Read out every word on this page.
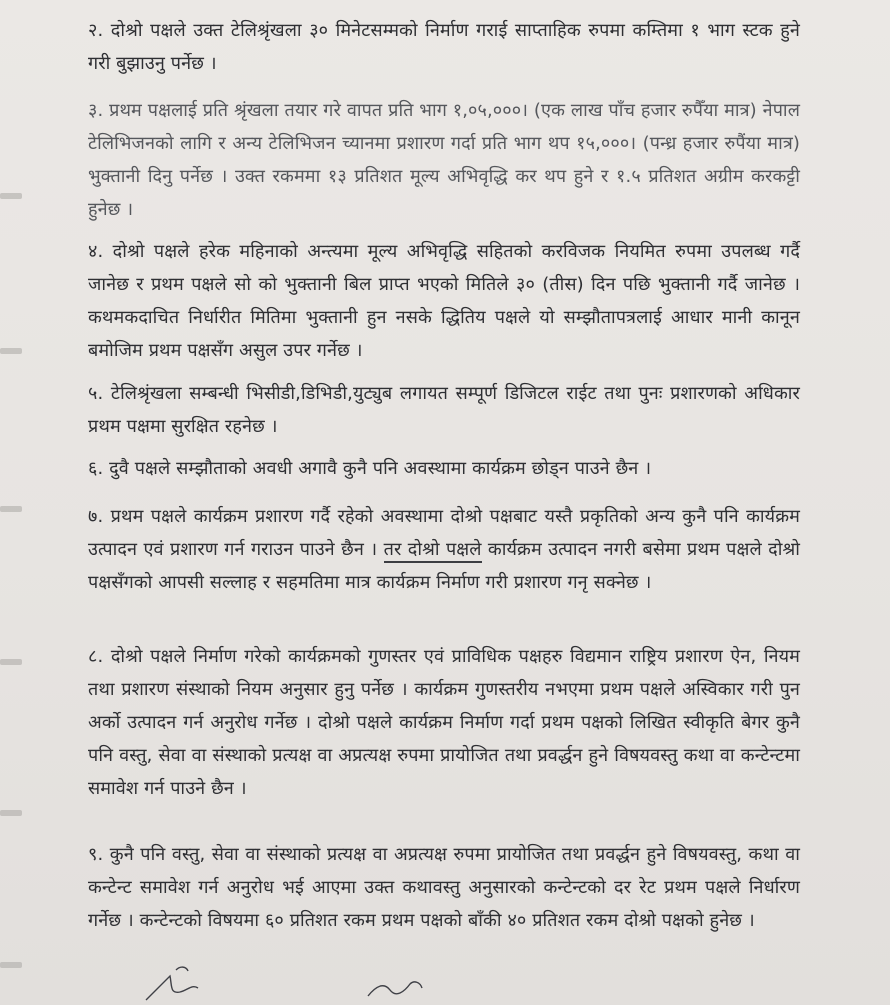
२. दोश्रो पक्षले उक्त टेलिश्रृंखला ३० मिनेटसम्मको निर्माण गराई साप्ताहिक रुपमा कम्तिमा १ भाग स्टक हुने गरी बुझाउनु पर्नेछ ।

३. प्रथम पक्षलाई प्रति श्रृंखला तयार गरे वापत प्रति भाग १,०५,०००। (एक लाख पाँच हजार रुपैँया मात्र) नेपाल टेलिभिजनको लागि र अन्य टेलिभिजन च्यानमा प्रशारण गर्दा प्रति भाग थप १५,०००। (पन्ध्र हजार रुपैंया मात्र) भुक्तानी दिनु पर्नेछ । उक्त रकममा १३ प्रतिशत मूल्य अभिवृद्धि कर थप हुने र १.५ प्रतिशत अग्रीम करकट्टी हुनेछ ।

४. दोश्रो पक्षले हरेक महिनाको अन्त्यमा मूल्य अभिवृद्धि सहितको करविजक नियमित रुपमा उपलब्ध गर्दै जानेछ र प्रथम पक्षले सो को भुक्तानी बिल प्राप्त भएको मितिले ३० (तीस) दिन पछि भुक्तानी गर्दै जानेछ । कथमकदाचित निर्धारीत मितिमा भुक्तानी हुन नसके द्धितिय पक्षले यो सम्झौतापत्रलाई आधार मानी कानून बमोजिम प्रथम पक्षसँग असुल उपर गर्नेछ ।

५. टेलिश्रृंखला सम्बन्धी भिसीडी,डिभिडी,युट्युब लगायत सम्पूर्ण डिजिटल राईट तथा पुनः प्रशारणको अधिकार प्रथम पक्षमा सुरक्षित रहनेछ ।

६. दुवै पक्षले सम्झौताको अवधी अगावै कुनै पनि अवस्थामा कार्यक्रम छोड्न पाउने छैन ।

७. प्रथम पक्षले कार्यक्रम प्रशारण गर्दै रहेको अवस्थामा दोश्रो पक्षबाट यस्तै प्रकृतिको अन्य कुनै पनि कार्यक्रम उत्पादन एवं प्रशारण गर्न गराउन पाउने छैन । तर दोश्रो पक्षले कार्यक्रम उत्पादन नगरी बसेमा प्रथम पक्षले दोश्रो पक्षसँगको आपसी सल्लाह र सहमतिमा मात्र कार्यक्रम निर्माण गरी प्रशारण गनृ सक्नेछ ।

८. दोश्रो पक्षले निर्माण गरेको कार्यक्रमको गुणस्तर एवं प्राविधिक पक्षहरु विद्यमान राष्ट्रिय प्रशारण ऐन, नियम तथा प्रशारण संस्थाको नियम अनुसार हुनु पर्नेछ । कार्यक्रम गुणस्तरीय नभएमा प्रथम पक्षले अस्विकार गरी पुन अर्को उत्पादन गर्न अनुरोध गर्नेछ । दोश्रो पक्षले कार्यक्रम निर्माण गर्दा प्रथम पक्षको लिखित स्वीकृति बेगर कुनै पनि वस्तु, सेवा वा संस्थाको प्रत्यक्ष वा अप्रत्यक्ष रुपमा प्रायोजित तथा प्रवर्द्धन हुने विषयवस्तु कथा वा कन्टेन्टमा समावेश गर्न पाउने छैन ।

९. कुनै पनि वस्तु, सेवा वा संस्थाको प्रत्यक्ष वा अप्रत्यक्ष रुपमा प्रायोजित तथा प्रवर्द्धन हुने विषयवस्तु, कथा वा कन्टेन्ट समावेश गर्न अनुरोध भई आएमा उक्त कथावस्तु अनुसारको कन्टेन्टको दर रेट प्रथम पक्षले निर्धारण गर्नेछ । कन्टेन्टको विषयमा ६० प्रतिशत रकम प्रथम पक्षको बाँकी ४० प्रतिशत रकम दोश्रो पक्षको हुनेछ ।
